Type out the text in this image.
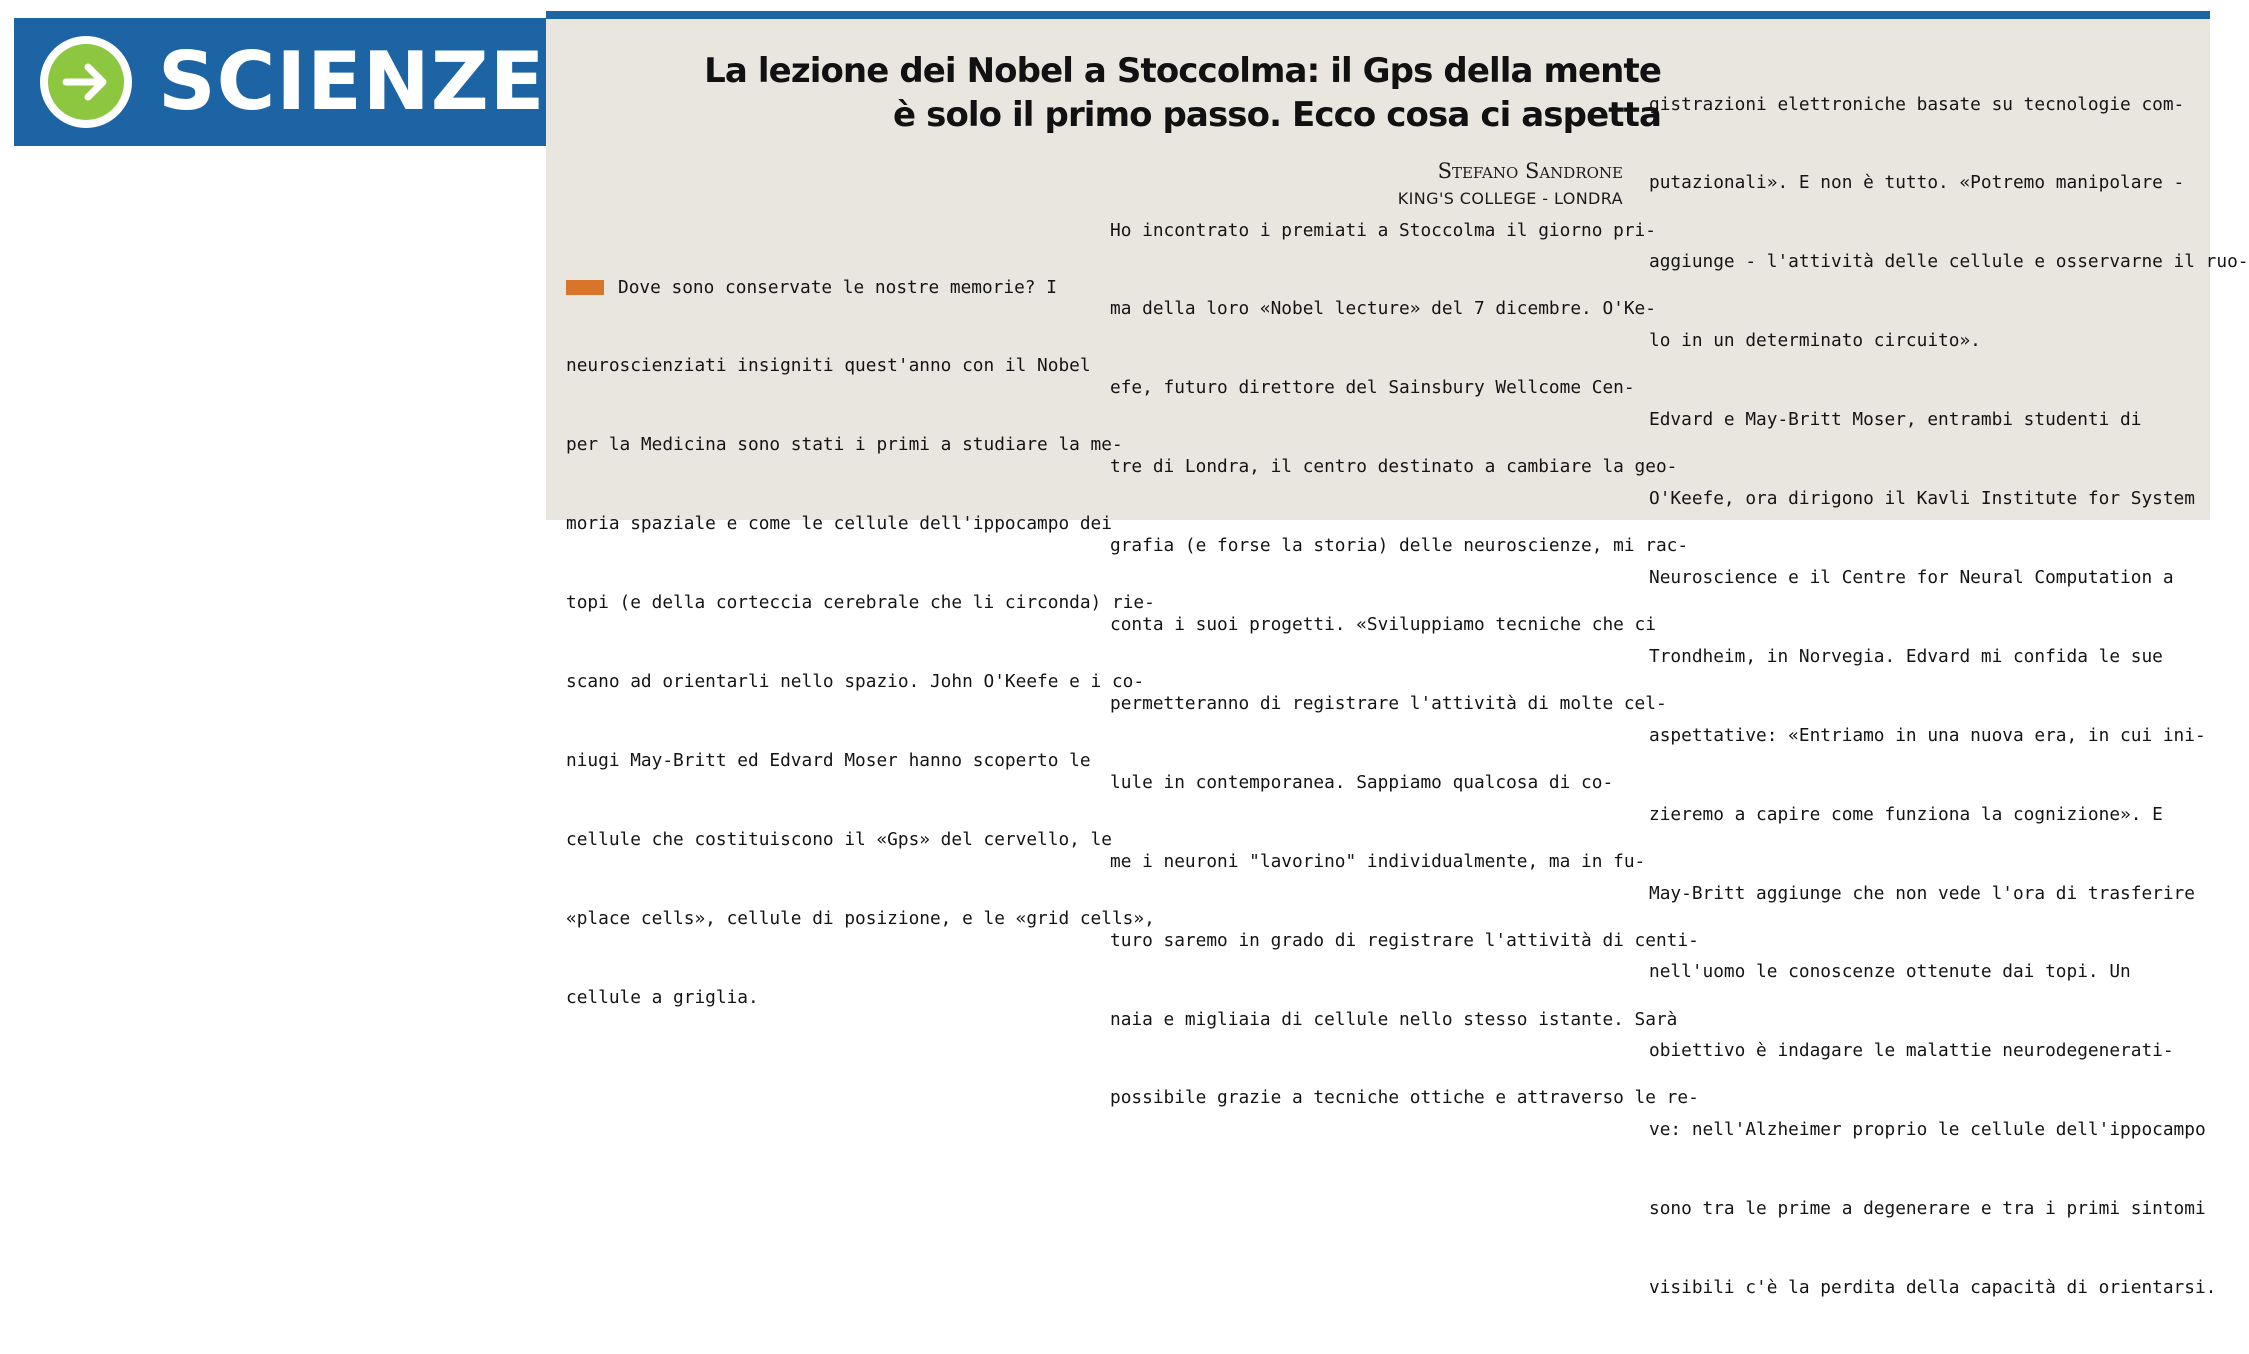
SCIENZE	La lezione dei Nobel a Stoccolma: il Gps della mente
è solo il primo passo. Ecco cosa ci aspetta
Stefano Sandrone
KING'S COLLEGE - LONDRA

Dove sono conservate le nostre memorie? I

neuroscienziati insigniti quest'anno con il Nobel

per la Medicina sono stati i primi a studiare la me-

moria spaziale e come le cellule dell'ippocampo dei

topi (e della corteccia cerebrale che li circonda) rie-

scano ad orientarli nello spazio. John O'Keefe e i co-

niugi May-Britt ed Edvard Moser hanno scoperto le

cellule che costituiscono il «Gps» del cervello, le

«place cells», cellule di posizione, e le «grid cells»,

cellule a griglia.

Ho incontrato i premiati a Stoccolma il giorno pri-

ma della loro «Nobel lecture» del 7 dicembre. O'Ke-

efe, futuro direttore del Sainsbury Wellcome Cen-

tre di Londra, il centro destinato a cambiare la geo-

grafia (e forse la storia) delle neuroscienze, mi rac-

conta i suoi progetti. «Sviluppiamo tecniche che ci

permetteranno di registrare l'attività di molte cel-

lule in contemporanea. Sappiamo qualcosa di co-

me i neuroni "lavorino" individualmente, ma in fu-

turo saremo in grado di registrare l'attività di centi-

naia e migliaia di cellule nello stesso istante. Sarà

possibile grazie a tecniche ottiche e attraverso le re-

gistrazioni elettroniche basate su tecnologie com-

putazionali». E non è tutto. «Potremo manipolare -

aggiunge - l'attività delle cellule e osservarne il ruo-

lo in un determinato circuito».

Edvard e May-Britt Moser, entrambi studenti di

O'Keefe, ora dirigono il Kavli Institute for System

Neuroscience e il Centre for Neural Computation a

Trondheim, in Norvegia. Edvard mi confida le sue

aspettative: «Entriamo in una nuova era, in cui ini-

zieremo a capire come funziona la cognizione». E

May-Britt aggiunge che non vede l'ora di trasferire

nell'uomo le conoscenze ottenute dai topi. Un

obiettivo è indagare le malattie neurodegenerati-

ve: nell'Alzheimer proprio le cellule dell'ippocampo

sono tra le prime a degenerare e tra i primi sintomi

visibili c'è la perdita della capacità di orientarsi.
